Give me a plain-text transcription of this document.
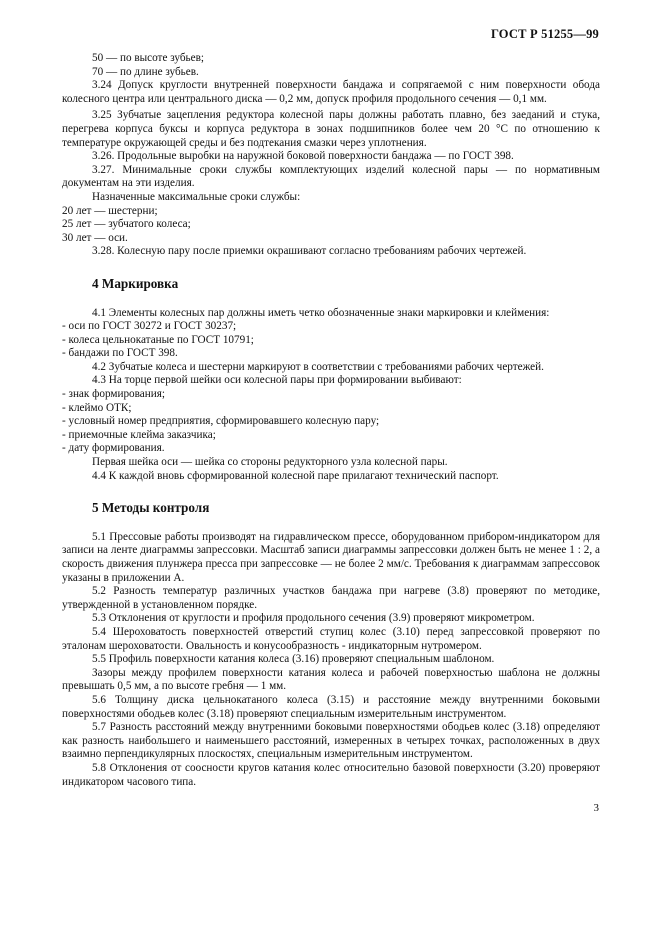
ГОСТ Р 51255—99

50 — по высоте зубьев;

70 — по длине зубьев.

3.24 Допуск круглости внутренней поверхности бандажа и сопрягаемой с ним поверхности обода колесного центра или центрального диска — 0,2 мм, допуск профиля продольного сечения — 0,1 мм.

3.25 Зубчатые зацепления редуктора колесной пары должны работать плавно, без заеданий и стука, перегрева корпуса буксы и корпуса редуктора в зонах подшипников более чем 20 °С по отношению к температуре окружающей среды и без подтекания смазки через уплотнения.

3.26. Продольные выробки на наружной боковой поверхности бандажа — по ГОСТ 398.

3.27. Минимальные сроки службы комплектующих изделий колесной пары — по нормативным документам на эти изделия.

Назначенные максимальные сроки службы:

20 лет — шестерни;

25 лет — зубчатого колеса;

30 лет — оси.

3.28. Колесную пару после приемки окрашивают согласно требованиям рабочих чертежей.

4 Маркировка

4.1 Элементы колесных пар должны иметь четко обозначенные знаки маркировки и клеймения:

- оси по ГОСТ 30272 и ГОСТ 30237;

- колеса цельнокатаные по ГОСТ 10791;

- бандажи по ГОСТ 398.

4.2 Зубчатые колеса и шестерни маркируют в соответствии с требованиями рабочих чертежей.

4.3 На торце первой шейки оси колесной пары при формировании выбивают:

- знак формирования;

- клеймо ОТК;

- условный номер предприятия, сформировавшего колесную пару;

- приемочные клейма заказчика;

- дату формирования.

Первая шейка оси — шейка со стороны редукторного узла колесной пары.

4.4 К каждой вновь сформированной колесной паре прилагают технический паспорт.

5 Методы контроля

5.1 Прессовые работы производят на гидравлическом прессе, оборудованном прибором-индикатором для записи на ленте диаграммы запрессовки. Масштаб записи диаграммы запрессовки должен быть не менее 1 : 2, а скорость движения плунжера пресса при запрессовке — не более 2 мм/с. Требования к диаграммам запрессовок указаны в приложении А.

5.2 Разность температур различных участков бандажа при нагреве (3.8) проверяют по методике, утвержденной в установленном порядке.

5.3 Отклонения от круглости и профиля продольного сечения (3.9) проверяют микрометром.

5.4 Шероховатость поверхностей отверстий ступиц колес (3.10) перед запрессовкой проверяют по эталонам шероховатости. Овальность и конусообразность - индикаторным нутромером.

5.5 Профиль поверхности катания колеса (3.16) проверяют специальным шаблоном.

Зазоры между профилем поверхности катания колеса и рабочей поверхностью шаблона не должны превышать 0,5 мм, а по высоте гребня — 1 мм.

5.6 Толщину диска цельнокатаного колеса (3.15) и расстояние между внутренними боковыми поверхностями ободьев колес (3.18) проверяют специальным измерительным инструментом.

5.7 Разность расстояний между внутренними боковыми поверхностями ободьев колес (3.18) определяют как разность наибольшего и наименьшего расстояний, измеренных в четырех точках, расположенных в двух взаимно перпендикулярных плоскостях, специальным измерительным инструментом.

5.8 Отклонения от соосности кругов катания колес относительно базовой поверхности (3.20) проверяют индикатором часового типа.

3
